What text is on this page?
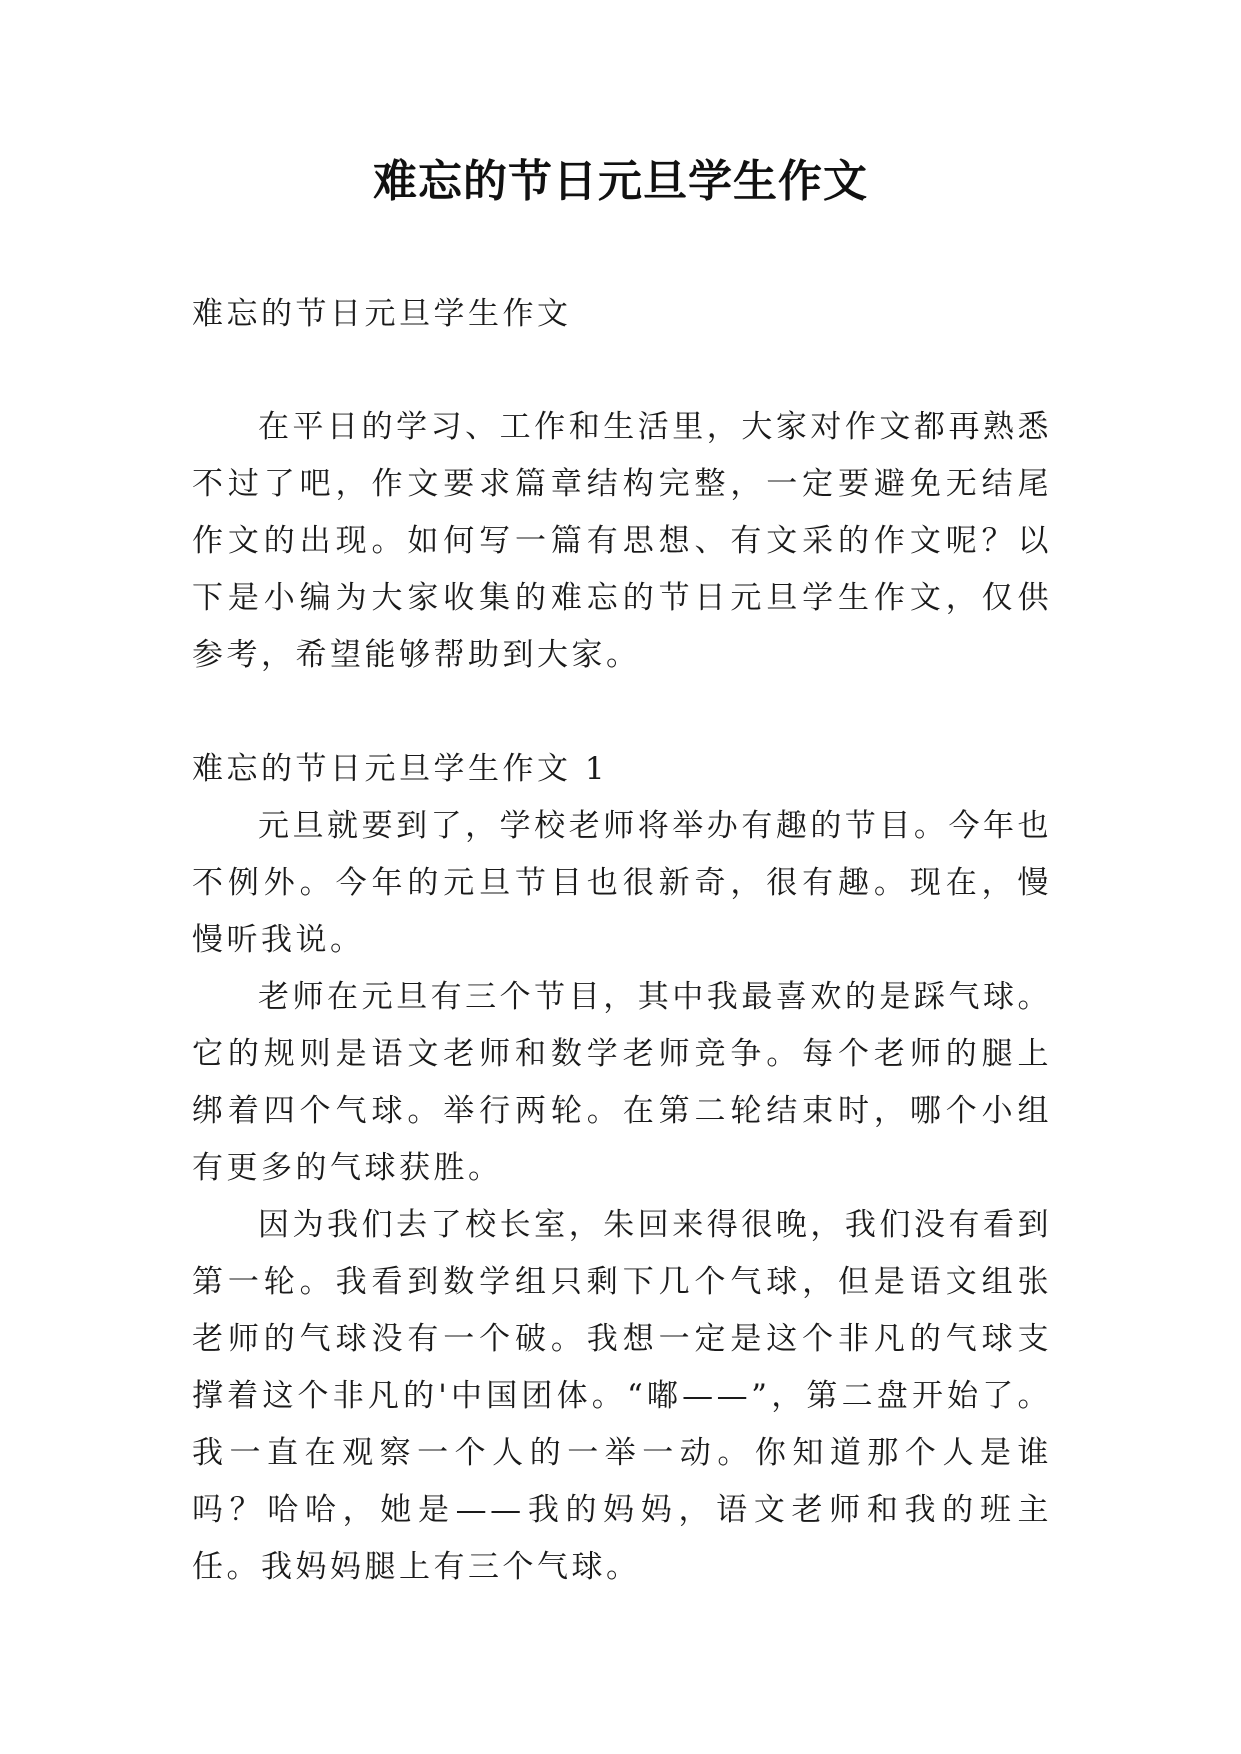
难忘的节日元旦学生作文

难忘的节日元旦学生作文

在平日的学习、工作和生活里，大家对作文都再熟悉不过了吧，作文要求篇章结构完整，一定要避免无结尾作文的出现。如何写一篇有思想、有文采的作文呢？以下是小编为大家收集的难忘的节日元旦学生作文，仅供参考，希望能够帮助到大家。

难忘的节日元旦学生作文 1

元旦就要到了，学校老师将举办有趣的节目。今年也不例外。今年的元旦节目也很新奇，很有趣。现在，慢慢听我说。

老师在元旦有三个节目，其中我最喜欢的是踩气球。它的规则是语文老师和数学老师竞争。每个老师的腿上绑着四个气球。举行两轮。在第二轮结束时，哪个小组有更多的气球获胜。

因为我们去了校长室，朱回来得很晚，我们没有看到第一轮。我看到数学组只剩下几个气球，但是语文组张老师的气球没有一个破。我想一定是这个非凡的气球支撑着这个非凡的'中国团体。“嘟——”，第二盘开始了。我一直在观察一个人的一举一动。你知道那个人是谁吗？哈哈，她是——我的妈妈，语文老师和我的班主任。我妈妈腿上有三个气球。
